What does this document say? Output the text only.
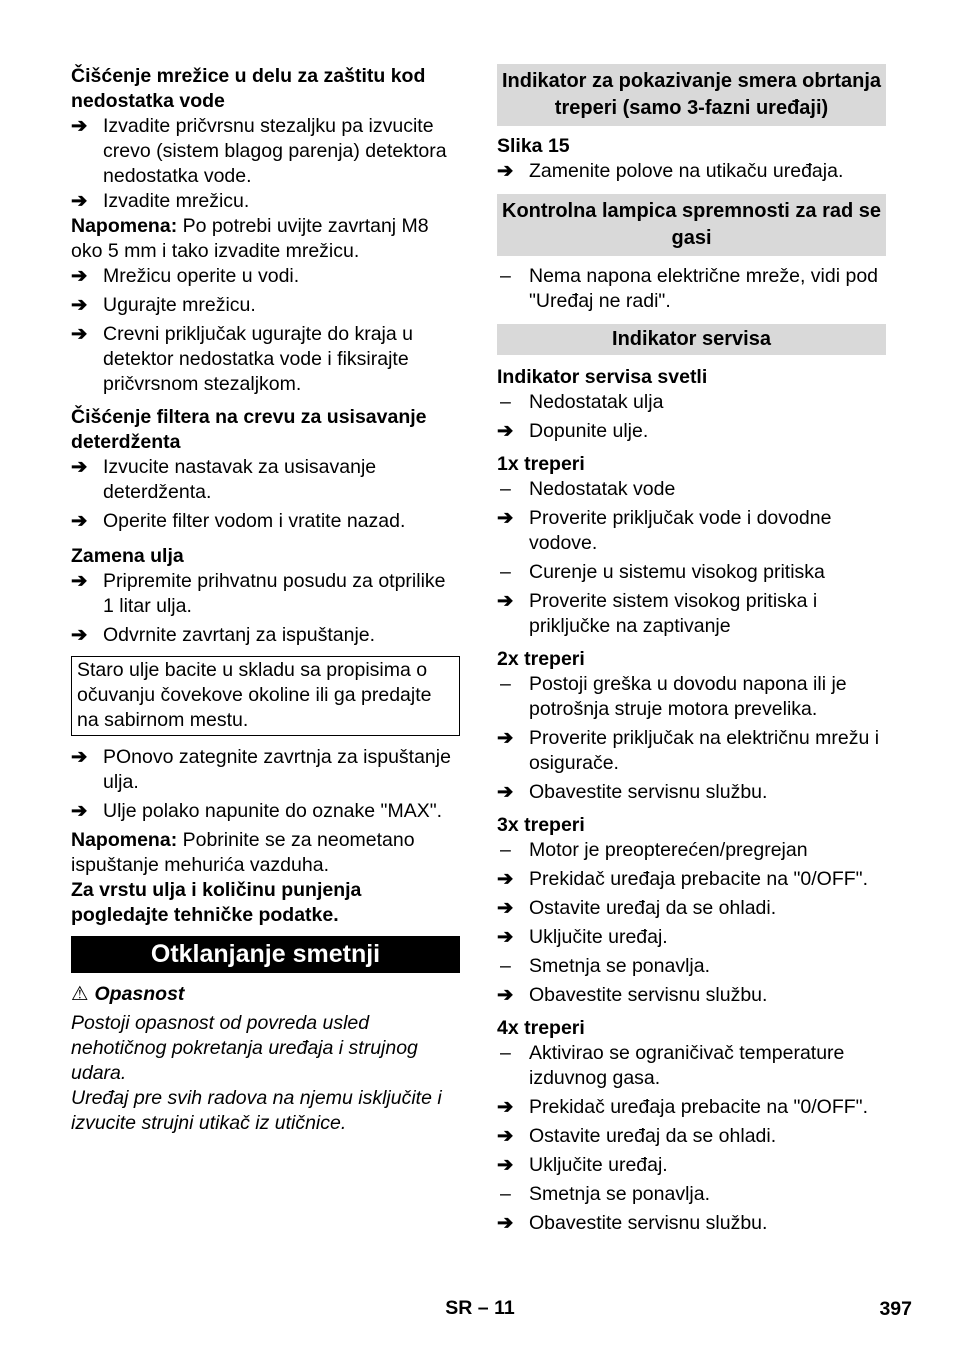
Čišćenje mrežice u delu za zaštitu kod nedostatka vode

➔ Izvadite pričvrsnu stezaljku pa izvucite crevo (sistem blagog parenja) detektora nedostatka vode.
➔ Izvadite mrežicu.

Napomena: Po potrebi uvijte zavrtanj M8 oko 5 mm i tako izvadite mrežicu.

➔ Mrežicu operite u vodi.
➔ Ugurajte mrežicu.
➔ Crevni priključak ugurajte do kraja u detektor nedostatka vode i fiksirajte pričvrsnom stezaljkom.

Čišćenje filtera na crevu za usisavanje deterdženta

➔ Izvucite nastavak za usisavanje deterdženta.
➔ Operite filter vodom i vratite nazad.

Zamena ulja

➔ Pripremite prihvatnu posudu za otprilike 1 litar ulja.
➔ Odvrnite zavrtanj za ispuštanje.
Staro ulje bacite u skladu sa propisima o očuvanju čovekove okoline ili ga predajte na sabirnom mestu.
➔ POnovo zategnite zavrtnja za ispuštanje ulja.
➔ Ulje polako napunite do oznake "MAX".

Napomena: Pobrinite se za neometano ispuštanje mehurića vazduha.

Za vrstu ulja i količinu punjenja pogledajte tehničke podatke.

Otklanjanje smetnji

⚠ Opasnost

Postoji opasnost od povreda usled nehotičnog pokretanja uređaja i strujnog udara.

Uređaj pre svih radova na njemu isključite i izvucite strujni utikač iz utičnice.

Indikator za pokazivanje smera obrtanja treperi (samo 3-fazni uređaji)

Slika 15

➔ Zamenite polove na utikaču uređaja.
Kontrolna lampica spremnosti za rad se gasi
– Nema napona električne mreže, vidi pod "Uređaj ne radi".
Indikator servisa

Indikator servisa svetli

– Nedostatak ulja
➔ Dopunite ulje.

1x treperi

– Nedostatak vode
➔ Proverite priključak vode i dovodne vodove.
– Curenje u sistemu visokog pritiska
➔ Proverite sistem visokog pritiska i priključke na zaptivanje

2x treperi

– Postoji greška u dovodu napona ili je potrošnja struje motora prevelika.
➔ Proverite priključak na električnu mrežu i osigurače.
➔ Obavestite servisnu službu.

3x treperi

– Motor je preopterećen/pregrejan
➔ Prekidač uređaja prebacite na "0/OFF".
➔ Ostavite uređaj da se ohladi.
➔ Uključite uređaj.
– Smetnja se ponavlja.
➔ Obavestite servisnu službu.

4x treperi

– Aktivirao se ograničivač temperature izduvnog gasa.
➔ Prekidač uređaja prebacite na "0/OFF".
➔ Ostavite uređaj da se ohladi.
➔ Uključite uređaj.
– Smetnja se ponavlja.
➔ Obavestite servisnu službu.
SR – 11	397
